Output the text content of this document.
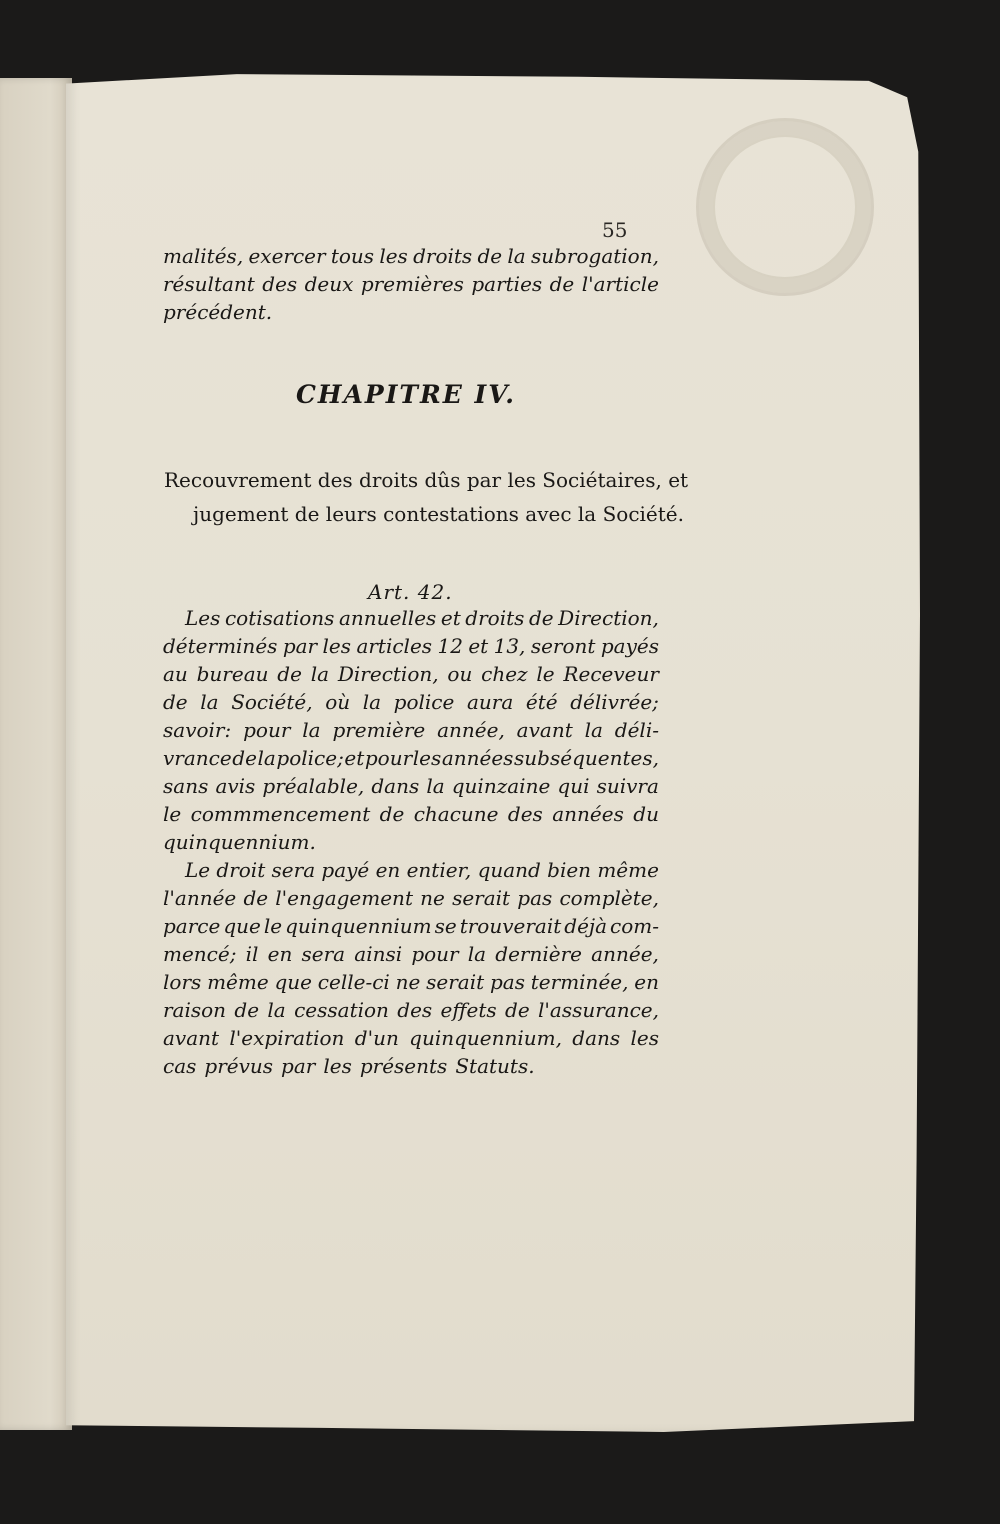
55
malités, exercer tous les droits de la subrogation,
résultant des deux premières parties de l'article
précédent.
CHAPITRE IV.
Recouvrement des droits dûs par les Sociétaires, et
jugement de leurs contestations avec la Société.
Art. 42.
Les cotisations annuelles et droits de Direction,
déterminés par les articles 12 et 13, seront payés
au bureau de la Direction, ou chez le Receveur
de la Société, où la police aura été délivrée;
savoir: pour la première année, avant la déli-
vrance de la police; et pour les années subséquentes,
sans avis préalable, dans la quinzaine qui suivra
le commmencement de chacune des années du
quinquennium.
Le droit sera payé en entier, quand bien même
l'année de l'engagement ne serait pas complète,
parce que le quinquennium se trouverait déjà com-
mencé; il en sera ainsi pour la dernière année,
lors même que celle-ci ne serait pas terminée, en
raison de la cessation des effets de l'assurance,
avant l'expiration d'un quinquennium, dans les
cas prévus par les présents Statuts.
